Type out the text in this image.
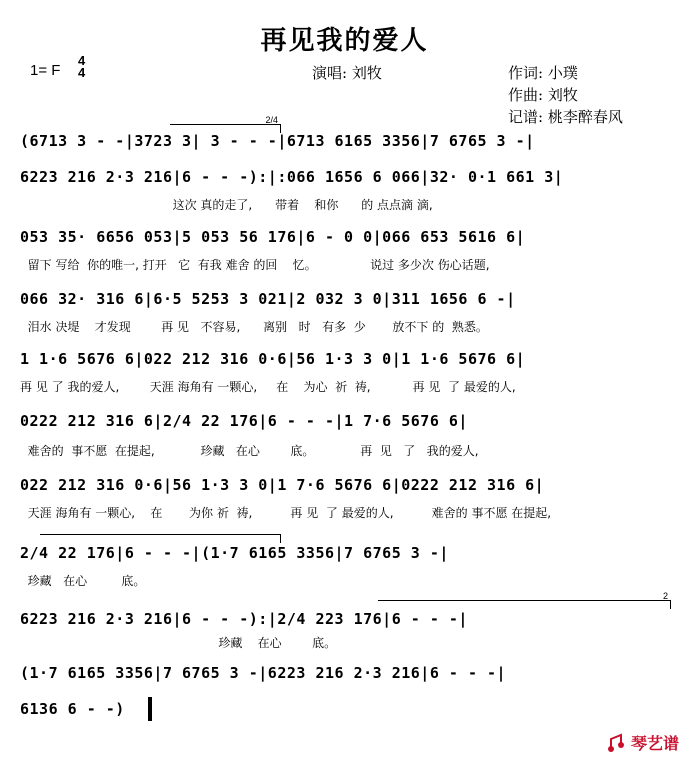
再见我的爱人
1= F
4
4	演唱: 刘牧	作词: 小璞
作曲: 刘牧
记谱: 桃李醉春风
2/4
(6713 3 - -|3723 3| 3 - - -|6713 6165 3356|7 6765 3 -|
6223 216 2·3 216|6 - - -):|:066 1656 6 066|32· 0·1 661 3|
这次 真的走了,      带着    和你      的 点点滴 滴,
053 35· 6656 053|5 053 56 176|6 - 0 0|066 653 5616 6|
留下 写给  你的唯一, 打开   它  有我 难舍 的回    忆。              说过 多少次 伤心话题,
066 32· 316 6|6·5 5253 3 021|2 032 3 0|311 1656 6 -|
泪水 决堤    才发现        再 见   不容易,      离别   时   有多  少       放不下 的  熟悉。
1 1·6 5676 6|022 212 316 0·6|56 1·3 3 0|1 1·6 5676 6|
再 见 了 我的爱人,        天涯 海角有 一颗心,     在    为心  祈  祷,           再 见  了 最爱的人,
0222 212 316 6|2/4 22 176|6 - - -|1 7·6 5676 6|
难舍的  事不愿  在提起,            珍藏   在心        底。            再  见   了   我的爱人,
022 212 316 0·6|56 1·3 3 0|1 7·6 5676 6|0222 212 316 6|
天涯 海角有 一颗心,    在       为你 祈  祷,          再 见  了 最爱的人,          难舍的 事不愿 在提起,
2/4 22 176|6 - - -|(1·7 6165 3356|7 6765 3 -|
珍藏   在心         底。
2
6223 216 2·3 216|6 - - -):|2/4 223 176|6 - - -|
珍藏    在心        底。
(1·7 6165 3356|7 6765 3 -|6223 216 2·3 216|6 - - -|
6136 6 - -)
琴艺谱
